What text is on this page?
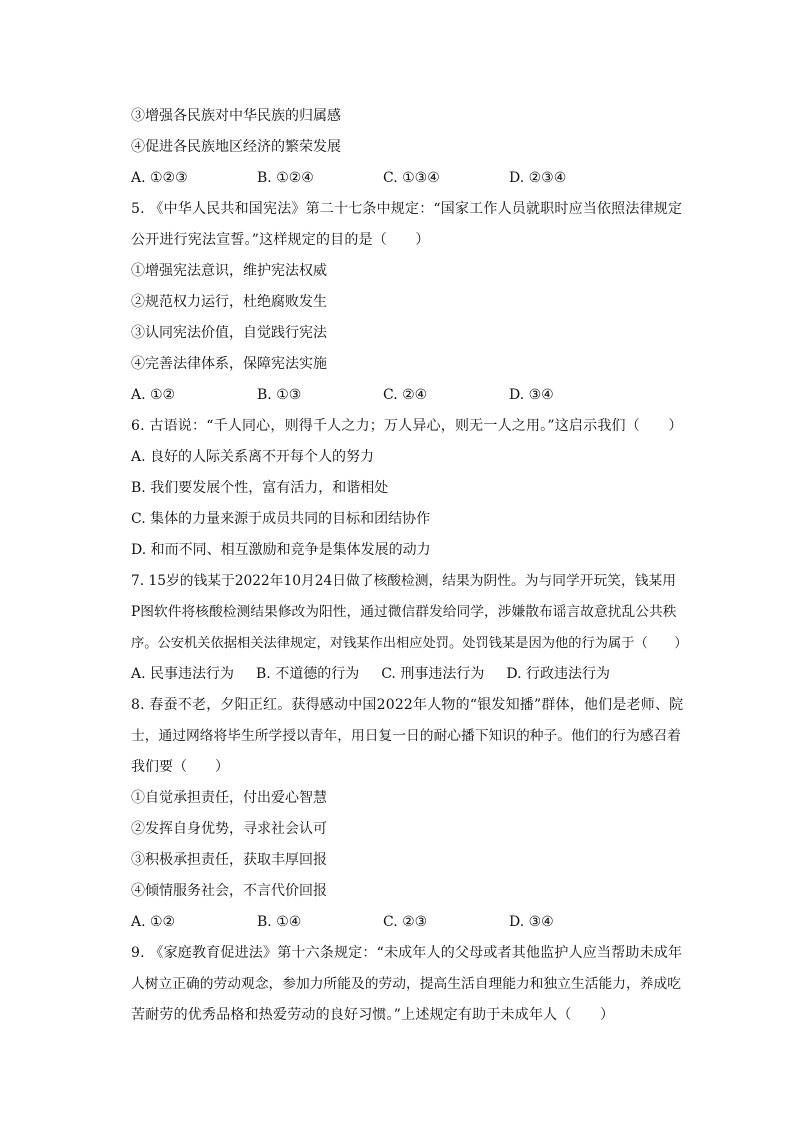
③增强各民族对中华民族的归属感
④促进各民族地区经济的繁荣发展
A. ①②③	B. ①②④	C. ①③④	D. ②③④
5. 《中华人民共和国宪法》第二十七条中规定：“国家工作人员就职时应当依照法律规定
公开进行宪法宣誓。”这样规定的目的是（　　）
①增强宪法意识，维护宪法权威
②规范权力运行，杜绝腐败发生
③认同宪法价值，自觉践行宪法
④完善法律体系，保障宪法实施
A. ①②	B. ①③	C. ②④	D. ③④
6. 古语说：“千人同心，则得千人之力；万人异心，则无一人之用。”这启示我们（　　）
A. 良好的人际关系离不开每个人的努力
B. 我们要发展个性，富有活力，和谐相处
C. 集体的力量来源于成员共同的目标和团结协作
D. 和而不同、相互激励和竞争是集体发展的动力
7. 15岁的钱某于2022年10月24日做了核酸检测，结果为阴性。为与同学开玩笑，钱某用
P图软件将核酸检测结果修改为阳性，通过微信群发给同学，涉嫌散布谣言故意扰乱公共秩
序。公安机关依据相关法律规定，对钱某作出相应处罚。处罚钱某是因为他的行为属于（　　）
A. 民事违法行为 B. 不道德的行为 C. 刑事违法行为 D. 行政违法行为
8. 春蚕不老，夕阳正红。获得感动中国2022年人物的“银发知播”群体，他们是老师、院
士，通过网络将毕生所学授以青年，用日复一日的耐心播下知识的种子。他们的行为感召着
我们要（　　）
①自觉承担责任，付出爱心智慧
②发挥自身优势，寻求社会认可
③积极承担责任，获取丰厚回报
④倾情服务社会，不言代价回报
A. ①②	B. ①④	C. ②③	D. ③④
9. 《家庭教育促进法》第十六条规定：“未成年人的父母或者其他监护人应当帮助未成年
人树立正确的劳动观念，参加力所能及的劳动，提高生活自理能力和独立生活能力，养成吃
苦耐劳的优秀品格和热爱劳动的良好习惯。”上述规定有助于未成年人（　　）
